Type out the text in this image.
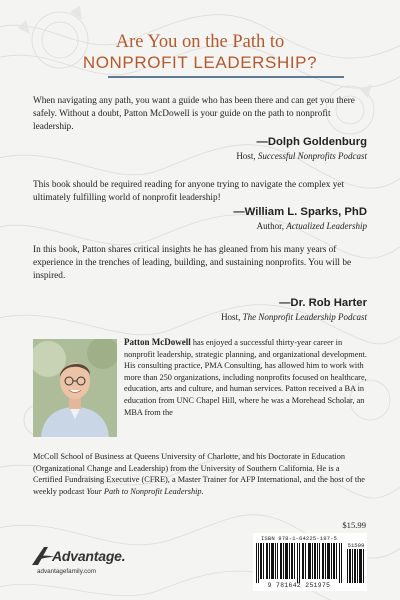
Are You on the Path to
NONPROFIT LEADERSHIP?
When navigating any path, you want a guide who has been there and can get you there safely. Without a doubt, Patton McDowell is your guide on the path to nonprofit leadership.
—Dolph Goldenburg
Host, Successful Nonprofits Podcast
This book should be required reading for anyone trying to navigate the complex yet ultimately fulfilling world of nonprofit leadership!
—William L. Sparks, PhD
Author, Actualized Leadership
In this book, Patton shares critical insights he has gleaned from his many years of experience in the trenches of leading, building, and sustaining nonprofits. You will be inspired.
—Dr. Rob Harter
Host, The Nonprofit Leadership Podcast
Patton McDowell has enjoyed a successful thirty-year career in nonprofit leadership, strategic planning, and organizational development. His consulting practice, PMA Consulting, has allowed him to work with more than 250 organizations, including nonprofits focused on healthcare, education, arts and culture, and human services. Patton received a BA in education from UNC Chapel Hill, where he was a Morehead Scholar, an MBA from the
McColl School of Business at Queens University of Charlotte, and his Doctorate in Education (Organizational Change and Leadership) from the University of Southern California. He is a Certified Fundraising Executive (CFRE), a Master Trainer for AFP International, and the host of the weekly podcast Your Path to Nonprofit Leadership.
$15.99
ISBN 978-1-64225-197-5
51599
9 781642 251975
Advantage.
advantagefamily.com
